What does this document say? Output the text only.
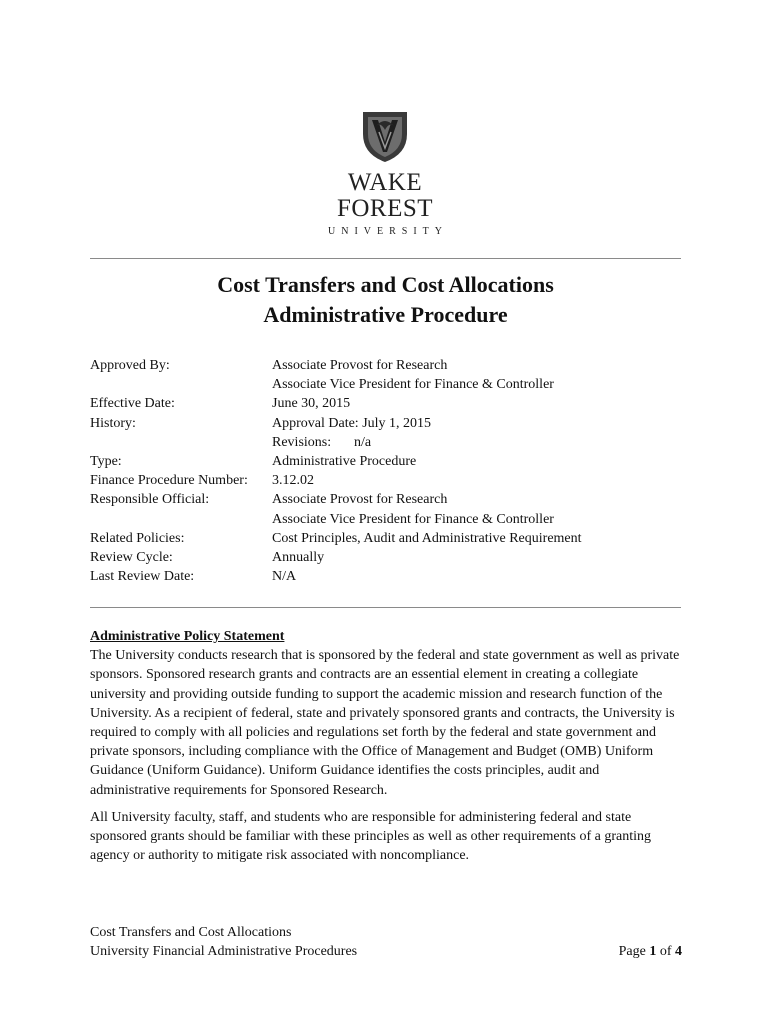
WAKE FOREST
UNIVERSITY
Cost Transfers and Cost Allocations
Administrative Procedure
Approved By:	Associate Provost for Research
Associate Vice President for Finance & Controller
Effective Date:	June 30, 2015
History:	Approval Date: July 1, 2015
Revisions: n/a
Type:	Administrative Procedure
Finance Procedure Number:	3.12.02
Responsible Official:	Associate Provost for Research
Associate Vice President for Finance & Controller
Related Policies:	Cost Principles, Audit and Administrative Requirement
Review Cycle:	Annually
Last Review Date:	N/A
Administrative Policy Statement

The University conducts research that is sponsored by the federal and state government as well as private sponsors. Sponsored research grants and contracts are an essential element in creating a collegiate university and providing outside funding to support the academic mission and research function of the University. As a recipient of federal, state and privately sponsored grants and contracts, the University is required to comply with all policies and regulations set forth by the federal and state government and private sponsors, including compliance with the Office of Management and Budget (OMB) Uniform Guidance (Uniform Guidance). Uniform Guidance identifies the costs principles, audit and administrative requirements for Sponsored Research.

All University faculty, staff, and students who are responsible for administering federal and state sponsored grants should be familiar with these principles as well as other requirements of a granting agency or authority to mitigate risk associated with noncompliance.

Cost Transfers and Cost Allocations
University Financial Administrative Procedures	Page 1 of 4
